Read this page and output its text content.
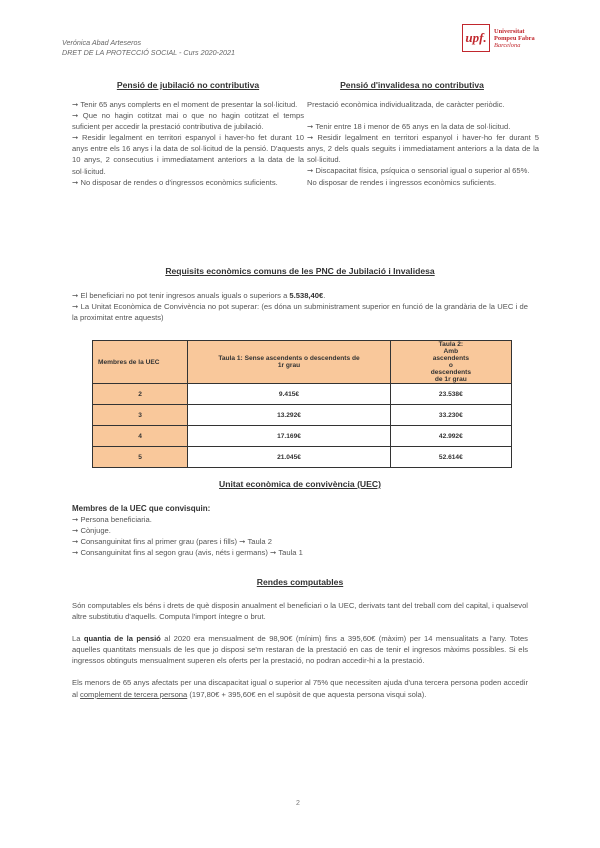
Verónica Abad Arteseros
DRET DE LA PROTECCIÓ SOCIAL - Curs 2020-2021
upf.	Universitat
Pompeu Fabra
Barcelona
Pensió de jubilació no contributiva	Pensió d'invalidesa no contributiva

➞ Tenir 65 anys complerts en el moment de presentar la sol·licitud.

➞ Que no hagin cotitzat mai o que no hagin cotitzat el temps suficient per accedir la prestació contributiva de jubilació.

➞ Residir legalment en territori espanyol i haver-ho fet durant 10 anys entre els 16 anys i la data de sol·licitud de la pensió. D'aquests 10 anys, 2 consecutius i immediatament anteriors a la data de la sol·licitud.

➞ No disposar de rendes o d'ingressos econòmics suficients.

Prestació econòmica individualitzada, de caràcter periòdic.

➞ Tenir entre 18 i menor de 65 anys en la data de sol·licitud.

➞ Residir legalment en territori espanyol i haver-ho fer durant 5 anys, 2 dels quals seguits i immediatament anteriors a la data de la sol·licitud.

➞ Discapacitat física, psíquica o sensorial igual o superior al 65%.

No disposar de rendes i ingressos econòmics suficients.

Requisits econòmics comuns de les PNC de Jubilació i Invalidesa

➞ El beneficiari no pot tenir ingresos anuals iguals o superiors a 5.538,40€.

➞ La Unitat Econòmica de Convivència no pot superar: (es dóna un subministrament superior en funció de la grandària de la UEC i de la proximitat entre aquests)

Membres de la UEC	Taula 1: Sense ascendents o descendents de 1r grau	Taula 2: Amb ascendents o descendents de 1r grau
2	9.415€	23.538€
3	13.292€	33.230€
4	17.169€	42.992€
5	21.045€	52.614€
Unitat econòmica de convivència (UEC)

Membres de la UEC que convisquin:

➞ Persona beneficiaria.

➞ Cònjuge.

➞ Consanguinitat fins al primer grau (pares i fills) ➞ Taula 2

➞ Consanguinitat fins al segon grau (avis, néts i germans) ➞ Taula 1

Rendes computables

Són computables els béns i drets de què disposin anualment el beneficiari o la UEC, derivats tant del treball com del capital, i qualsevol altre substitutiu d'aquells. Computa l'import íntegre o brut.

La quantia de la pensió al 2020 era mensualment de 98,90€ (mínim) fins a 395,60€ (màxim) per 14 mensualitats a l'any. Totes aquelles quantitats mensuals de les que jo disposi se'm restaran de la prestació en cas de tenir el ingresos màxims possibles. Si els ingressos obtinguts mensualment superen els oferts per la prestació, no podran accedir-hi a la prestació.

Els menors de 65 anys afectats per una discapacitat igual o superior al 75% que necessiten ajuda d'una tercera persona poden accedir al complement de tercera persona (197,80€ + 395,60€ en el supòsit de que aquesta persona visqui sola).

2
